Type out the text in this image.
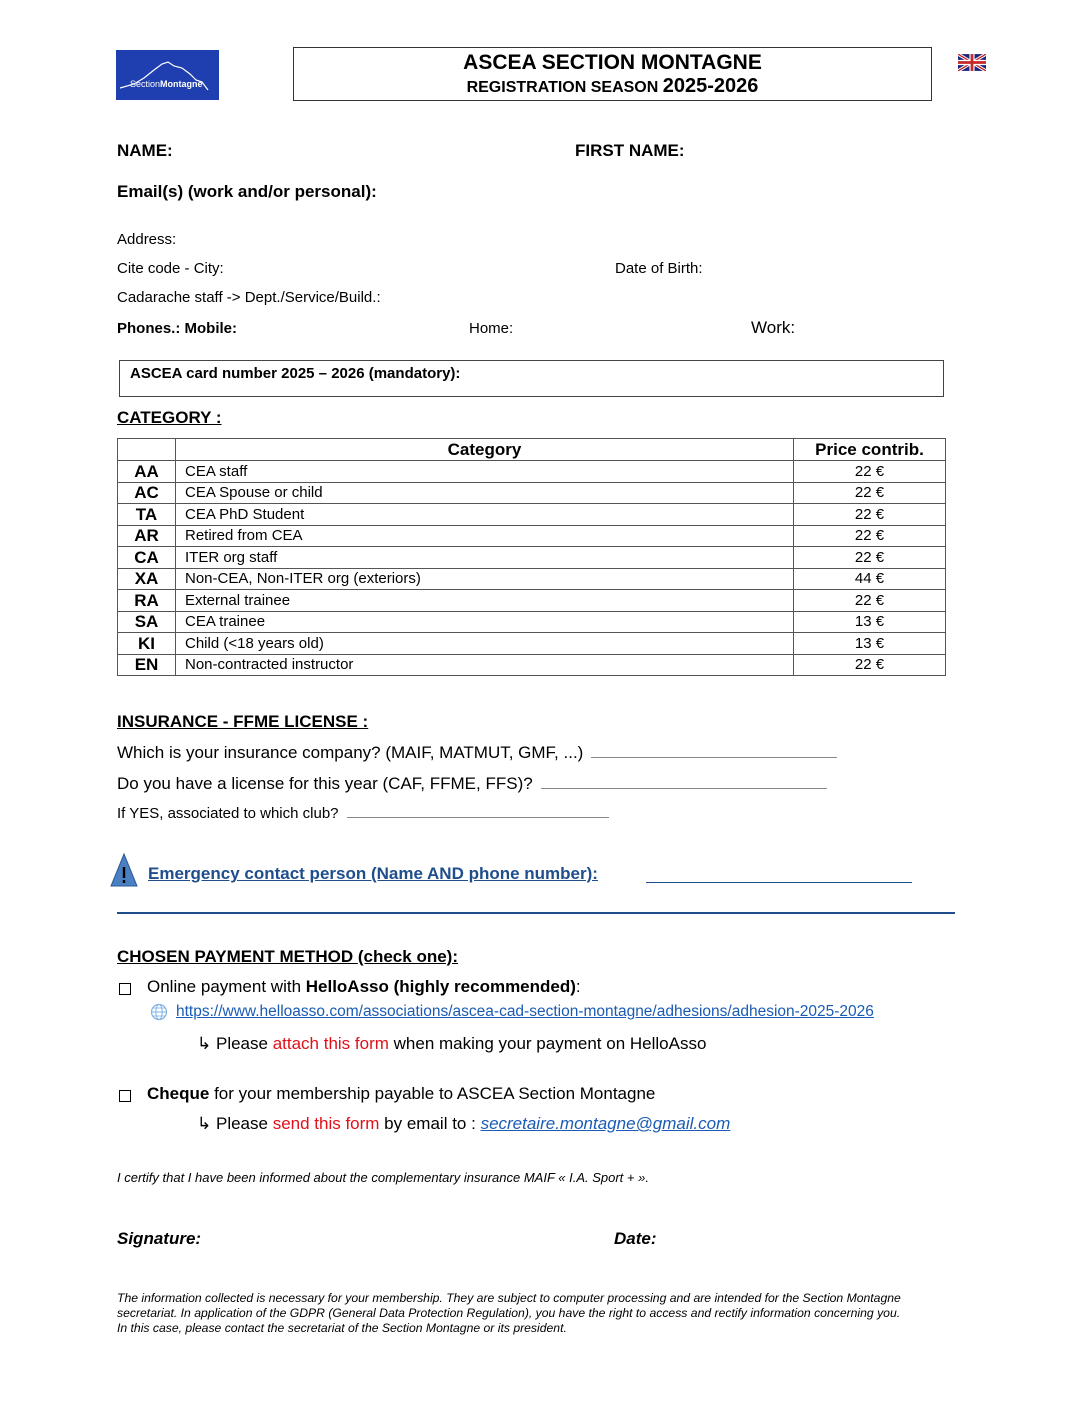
SectionMontagne
ASCEA SECTION MONTAGNE
REGISTRATION SEASON 2025-2026
NAME:	FIRST NAME:
Email(s) (work and/or personal):
Address:
Cite code - City:	Date of Birth:
Cadarache staff -> Dept./Service/Build.:
Phones.: Mobile:	Home:	Work:
ASCEA card number 2025 – 2026 (mandatory):
CATEGORY :
	Category	Price contrib.
AA	CEA staff	22 €
AC	CEA Spouse or child	22 €
TA	CEA PhD Student	22 €
AR	Retired from CEA	22 €
CA	ITER org staff	22 €
XA	Non-CEA, Non-ITER org (exteriors)	44 €
RA	External trainee	22 €
SA	CEA trainee	13 €
KI	Child (<18 years old)	13 €
EN	Non-contracted instructor	22 €
INSURANCE - FFME LICENSE :
Which is your insurance company? (MAIF, MATMUT, GMF, ...)
Do you have a license for this year (CAF, FFME, FFS)?
If YES, associated to which club?
Emergency contact person (Name AND phone number):
CHOSEN PAYMENT METHOD (check one):
Online payment with HelloAsso (highly recommended):
https://www.helloasso.com/associations/ascea-cad-section-montagne/adhesions/adhesion-2025-2026
↳ Please attach this form when making your payment on HelloAsso
Cheque for your membership payable to ASCEA Section Montagne
↳ Please send this form by email to : secretaire.montagne@gmail.com
I certify that I have been informed about the complementary insurance MAIF « I.A. Sport + ».
Signature:	Date:
The information collected is necessary for your membership. They are subject to computer processing and are intended for the Section Montagne
secretariat. In application of the GDPR (General Data Protection Regulation), you have the right to access and rectify information concerning you.
In this case, please contact the secretariat of the Section Montagne or its president.
